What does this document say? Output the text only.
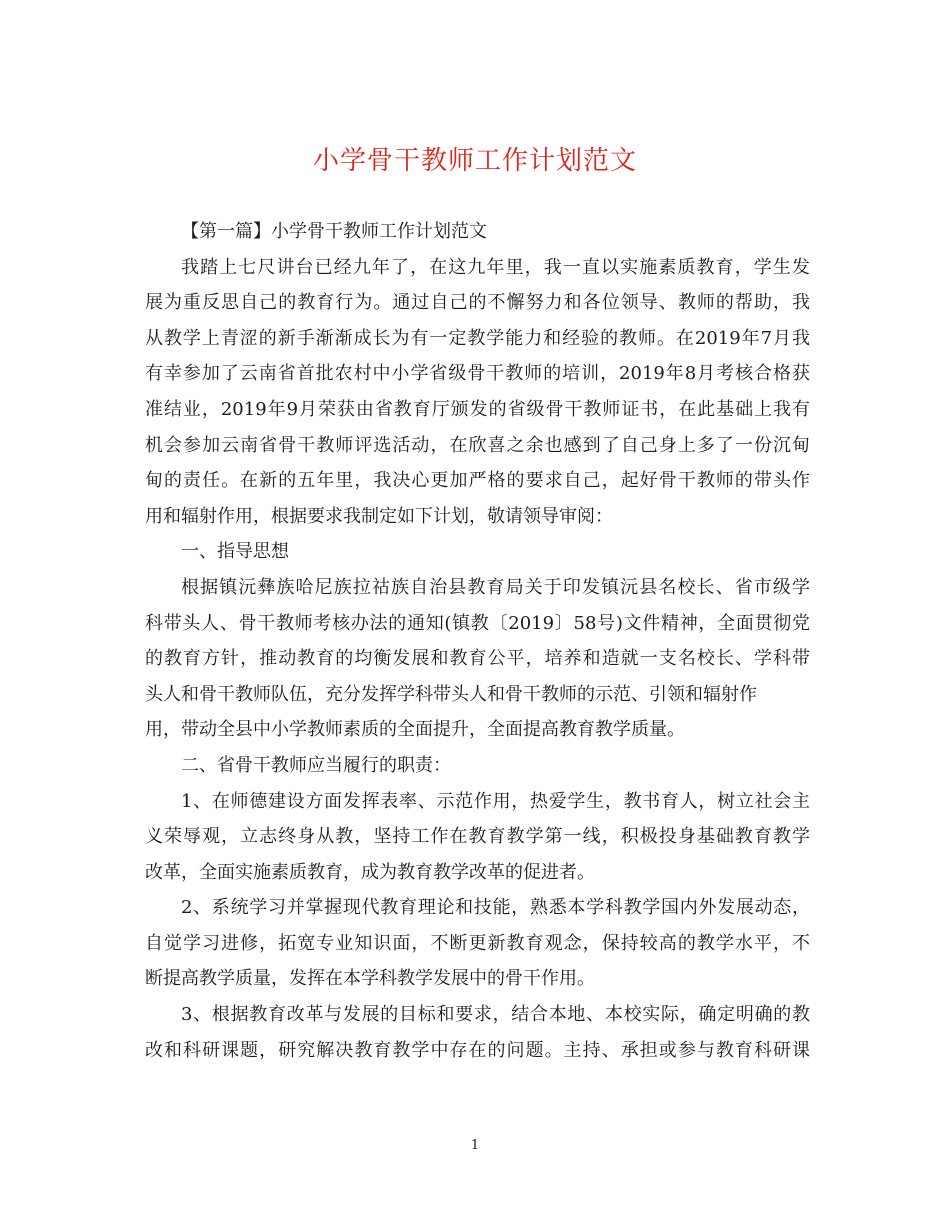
小学骨干教师工作计划范文
【第一篇】小学骨干教师工作计划范文
我踏上七尺讲台已经九年了，在这九年里，我一直以实施素质教育，学生发
展为重反思自己的教育行为。通过自己的不懈努力和各位领导、教师的帮助，我
从教学上青涩的新手渐渐成长为有一定教学能力和经验的教师。在2019年7月我
有幸参加了云南省首批农村中小学省级骨干教师的培训，2019年8月考核合格获
准结业，2019年9月荣获由省教育厅颁发的省级骨干教师证书，在此基础上我有
机会参加云南省骨干教师评选活动，在欣喜之余也感到了自己身上多了一份沉甸
甸的责任。在新的五年里，我决心更加严格的要求自己，起好骨干教师的带头作
用和辐射作用，根据要求我制定如下计划，敬请领导审阅：
一、指导思想
根据镇沅彝族哈尼族拉祜族自治县教育局关于印发镇沅县名校长、省市级学
科带头人、骨干教师考核办法的通知(镇教〔2019〕58号)文件精神，全面贯彻党
的教育方针，推动教育的均衡发展和教育公平，培养和造就一支名校长、学科带
头人和骨干教师队伍，充分发挥学科带头人和骨干教师的示范、引领和辐射作
用，带动全县中小学教师素质的全面提升，全面提高教育教学质量。
二、省骨干教师应当履行的职责：
1、在师德建设方面发挥表率、示范作用，热爱学生，教书育人，树立社会主
义荣辱观，立志终身从教，坚持工作在教育教学第一线，积极投身基础教育教学
改革，全面实施素质教育，成为教育教学改革的促进者。
2、系统学习并掌握现代教育理论和技能，熟悉本学科教学国内外发展动态，
自觉学习进修，拓宽专业知识面，不断更新教育观念，保持较高的教学水平，不
断提高教学质量，发挥在本学科教学发展中的骨干作用。
3、根据教育改革与发展的目标和要求，结合本地、本校实际，确定明确的教
改和科研课题，研究解决教育教学中存在的问题。主持、承担或参与教育科研课
1
